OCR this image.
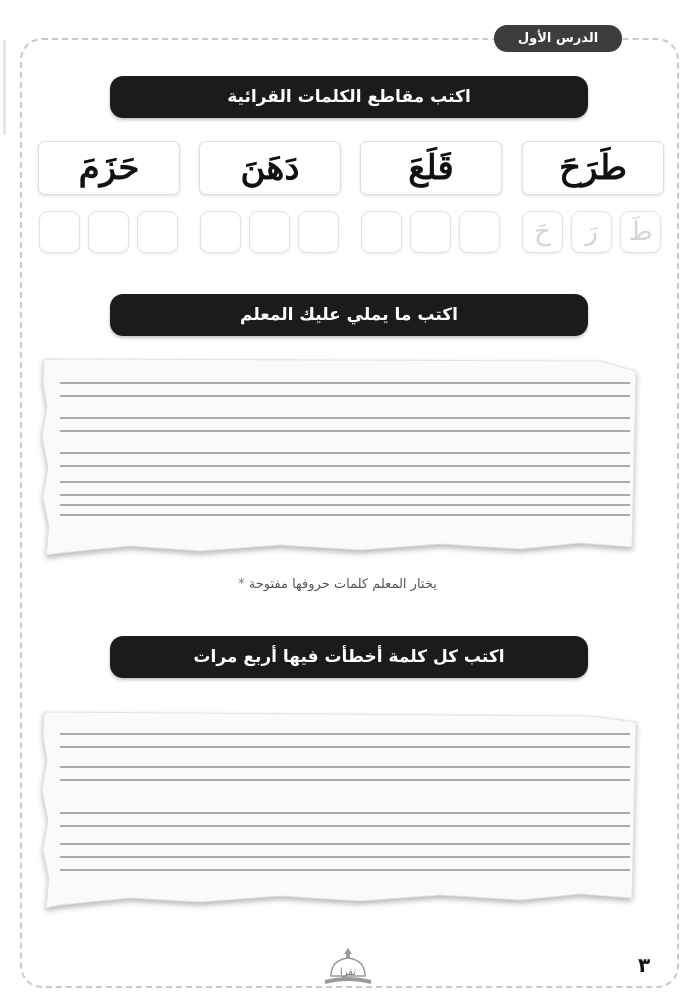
الدرس الأول
اكتب مقاطع الكلمات القرائية
طَرَحَ
قَلَعَ
دَهَنَ
حَزَمَ
طَ
رَ
حَ
اكتب ما يملي عليك المعلم
يختار المعلم كلمات حروفها مفتوحة *
اكتب كل كلمة أخطأت فيها أربع مرات
تقرا	٣
